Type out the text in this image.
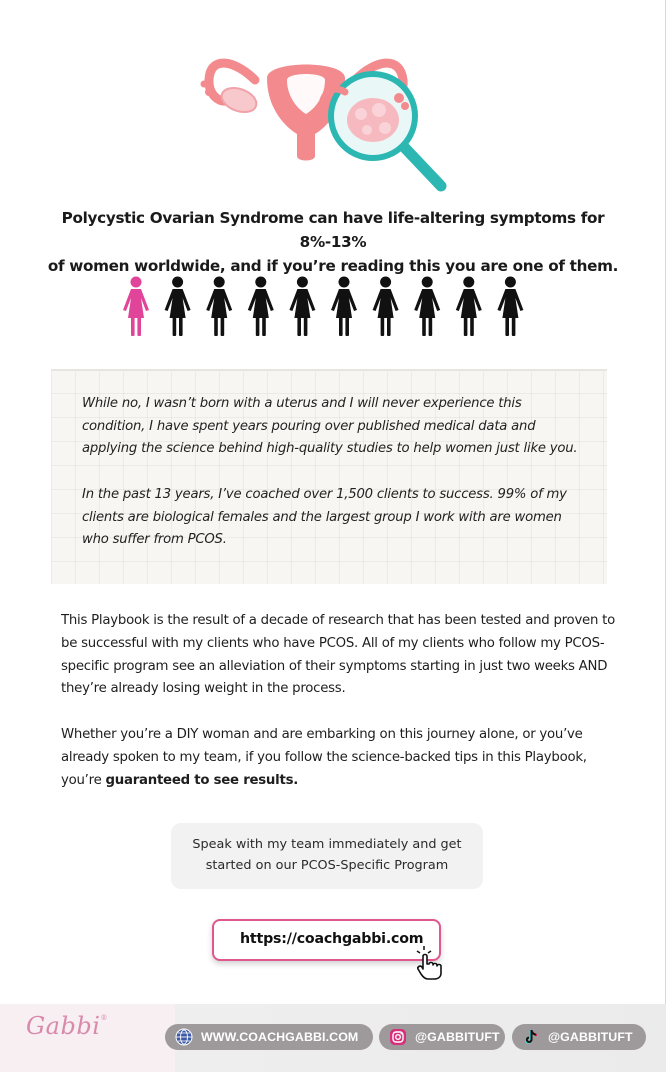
Polycystic Ovarian Syndrome can have life-altering symptoms for 8%-13%
of women worldwide, and if you’re reading this you are one of them.

While no, I wasn’t born with a uterus and I will never experience this condition, I have spent years pouring over published medical data and applying the science behind high-quality studies to help women just like you.

In the past 13 years, I’ve coached over 1,500 clients to success. 99% of my clients are biological females and the largest group I work with are women who suffer from PCOS.

This Playbook is the result of a decade of research that has been tested and proven to be successful with my clients who have PCOS. All of my clients who follow my PCOS-specific program see an alleviation of their symptoms starting in just two weeks AND they’re already losing weight in the process.

Whether you’re a DIY woman and are embarking on this journey alone, or you’ve already spoken to my team, if you follow the science-backed tips in this Playbook, you’re guaranteed to see results.

Speak with my team immediately and get
started on our PCOS-Specific Program
https://coachgabbi.com
Gabbi®
WWW.COACHGABBI.COM	@GABBITUFT	@GABBITUFT
